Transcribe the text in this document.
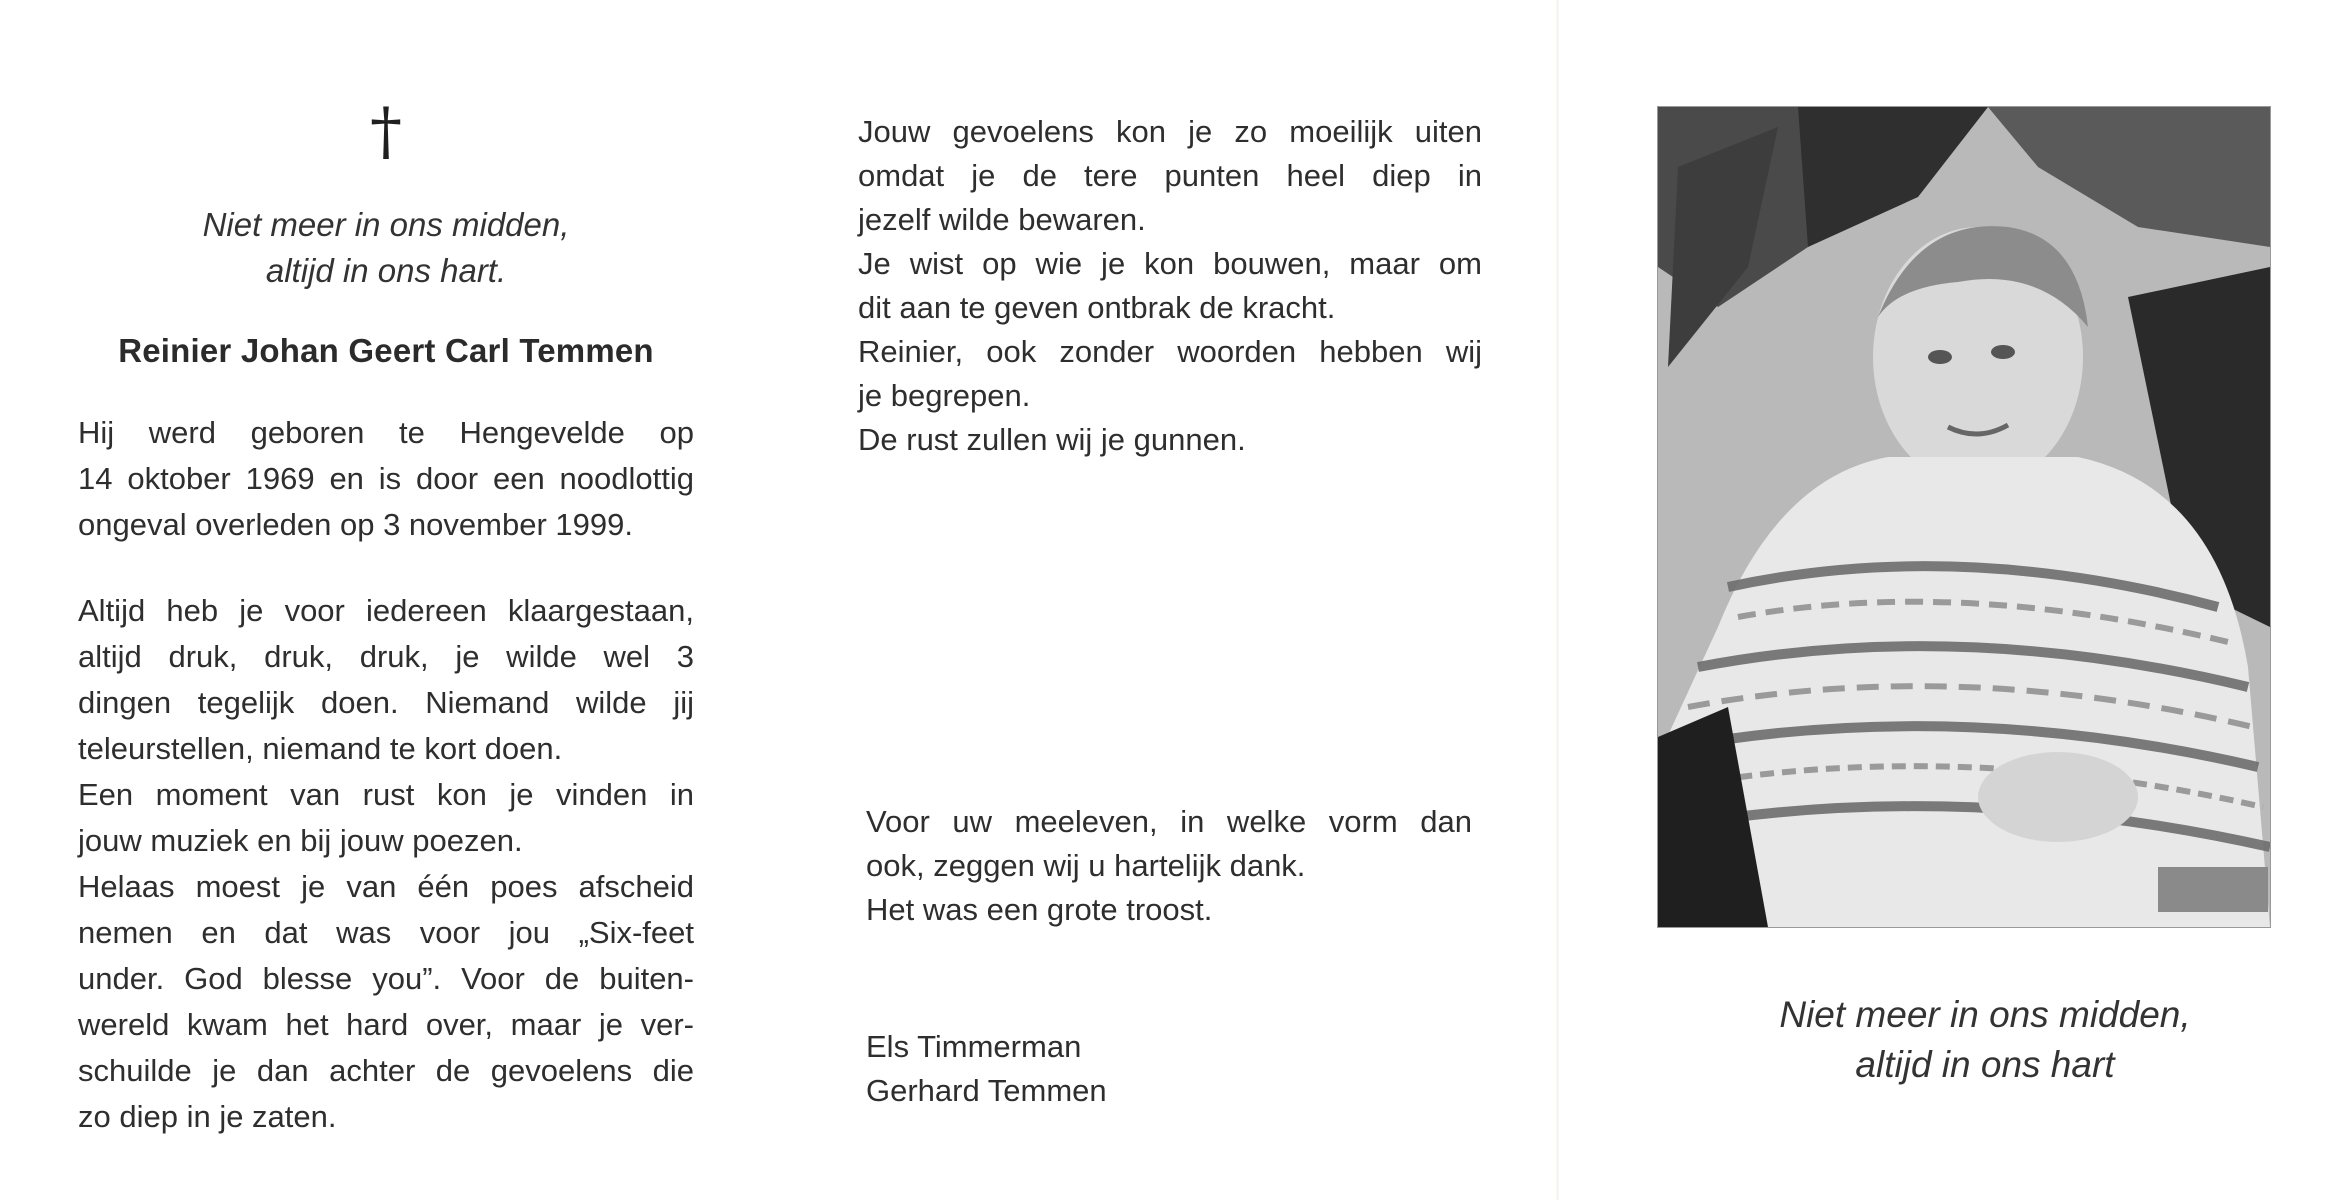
†
Niet meer in ons midden,
altijd in ons hart.
Reinier Johan Geert Carl Temmen

Hij werd geboren te Hengevelde op
14 oktober 1969 en is door een noodlottig
ongeval overleden op 3 november 1999.

Altijd heb je voor iedereen klaargestaan,
altijd druk, druk, druk, je wilde wel 3
dingen tegelijk doen. Niemand wilde jij
teleurstellen, niemand te kort doen.
Een moment van rust kon je vinden in
jouw muziek en bij jouw poezen.
Helaas moest je van één poes afscheid
nemen en dat was voor jou „Six-feet
under. God blesse you”. Voor de buiten-
wereld kwam het hard over, maar je ver-
schuilde je dan achter de gevoelens die
zo diep in je zaten.

Jouw gevoelens kon je zo moeilijk uiten
omdat je de tere punten heel diep in
jezelf wilde bewaren.
Je wist op wie je kon bouwen, maar om
dit aan te geven ontbrak de kracht.
Reinier, ook zonder woorden hebben wij
je begrepen.
De rust zullen wij je gunnen.

Voor uw meeleven, in welke vorm dan
ook, zeggen wij u hartelijk dank.
Het was een grote troost.

Els Timmerman
Gerhard Temmen
Niet meer in ons midden,
altijd in ons hart
